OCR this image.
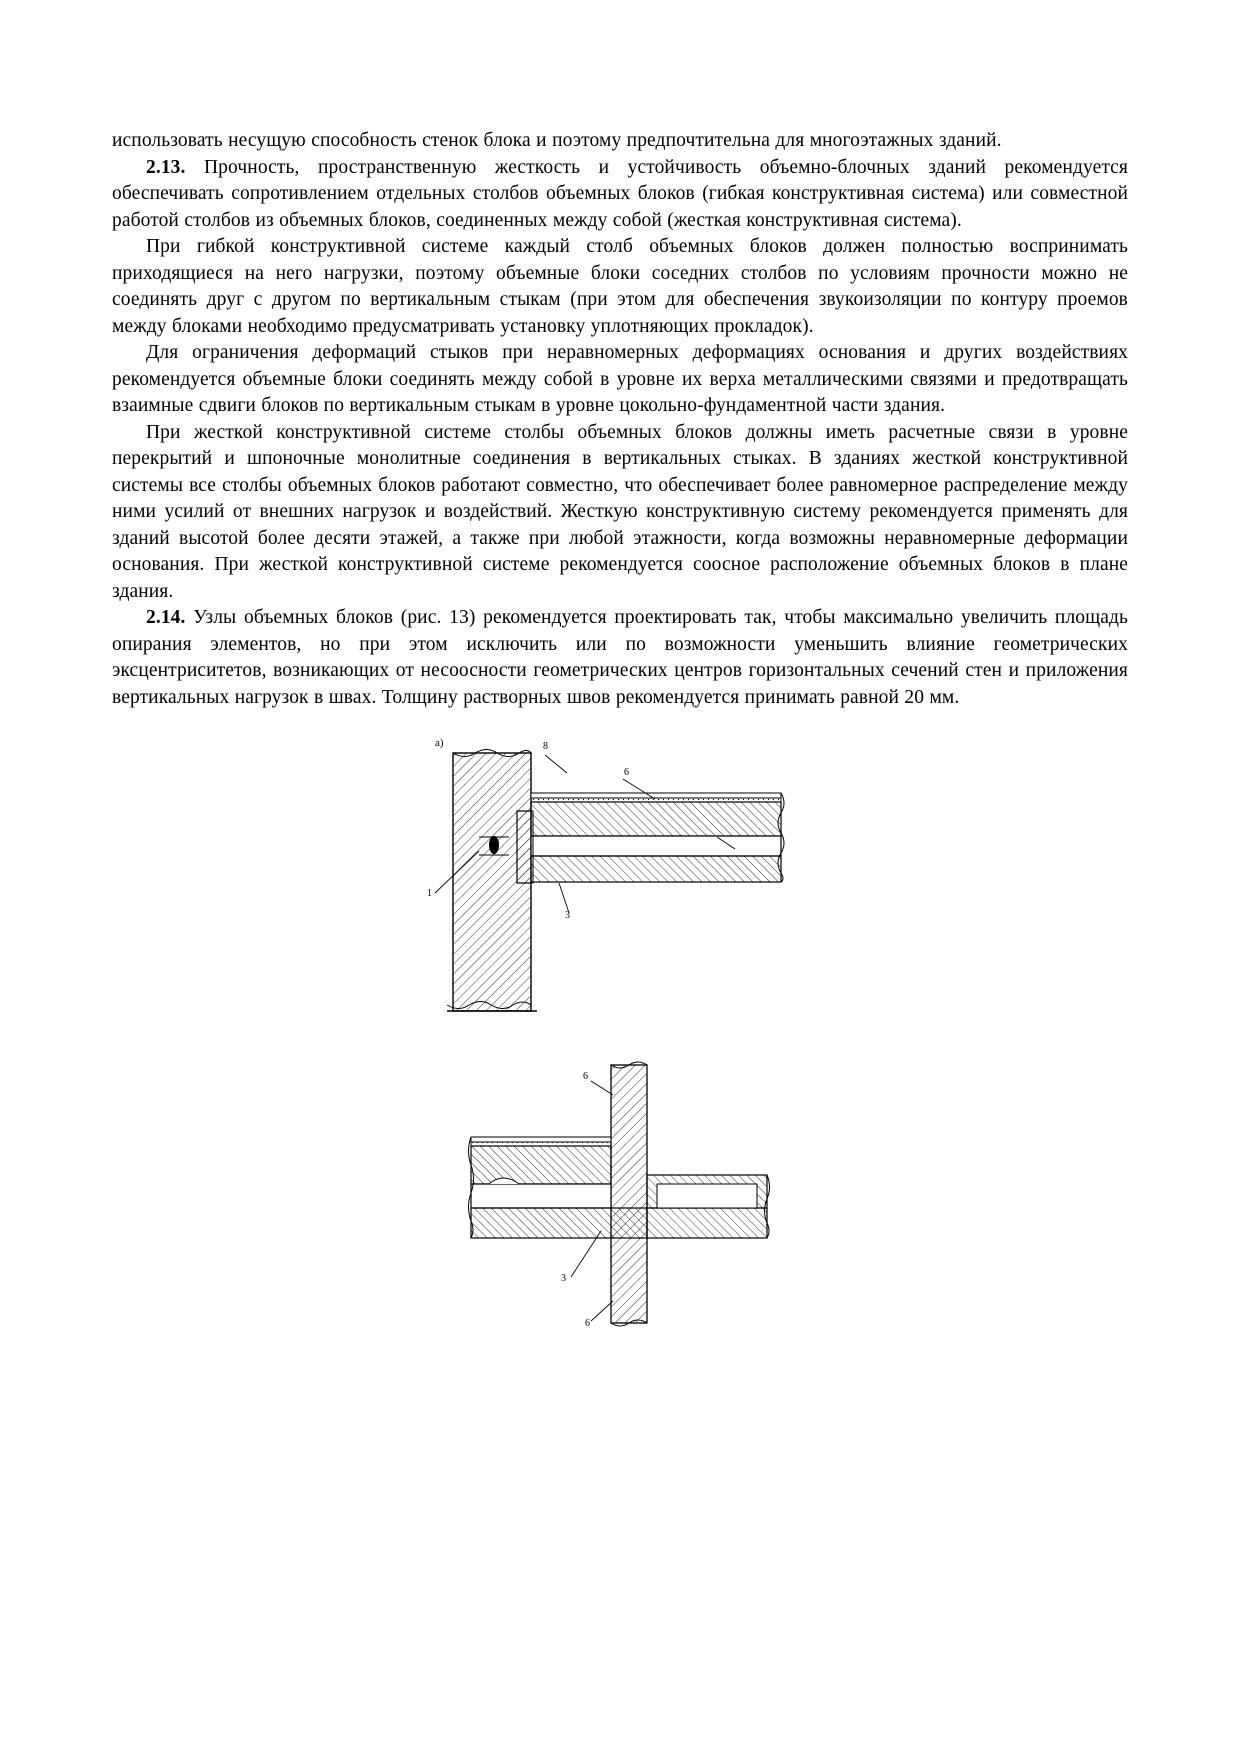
использовать несущую способность стенок блока и поэтому предпочтительна для многоэтажных зданий.

2.13. Прочность, пространственную жесткость и устойчивость объемно-блочных зданий рекомендуется обеспечивать сопротивлением отдельных столбов объемных блоков (гибкая конструктивная система) или совместной работой столбов из объемных блоков, соединенных между собой (жесткая конструктивная система).

При гибкой конструктивной системе каждый столб объемных блоков должен полностью воспринимать приходящиеся на него нагрузки, поэтому объемные блоки соседних столбов по условиям прочности можно не соединять друг с другом по вертикальным стыкам (при этом для обеспечения звукоизоляции по контуру проемов между блоками необходимо предусматривать установку уплотняющих прокладок).

Для ограничения деформаций стыков при неравномерных деформациях основания и других воздействиях рекомендуется объемные блоки соединять между собой в уровне их верха металлическими связями и предотвращать взаимные сдвиги блоков по вертикальным стыкам в уровне цокольно-фундаментной части здания.

При жесткой конструктивной системе столбы объемных блоков должны иметь расчетные связи в уровне перекрытий и шпоночные монолитные соединения в вертикальных стыках. В зданиях жесткой конструктивной системы все столбы объемных блоков работают совместно, что обеспечивает более равномерное распределение между ними усилий от внешних нагрузок и воздействий. Жесткую конструктивную систему рекомендуется применять для зданий высотой более десяти этажей, а также при любой этажности, когда возможны неравномерные деформации основания. При жесткой конструктивной системе рекомендуется соосное расположение объемных блоков в плане здания.

2.14. Узлы объемных блоков (рис. 13) рекомендуется проектировать так, чтобы максимально увеличить площадь опирания элементов, но при этом исключить или по возможности уменьшить влияние геометрических эксцентриситетов, возникающих от несоосности геометрических центров горизонтальных сечений стен и приложения вертикальных нагрузок в швах. Толщину растворных швов рекомендуется принимать равной 20 мм.

а)	8
6
1
3
6
3
6
